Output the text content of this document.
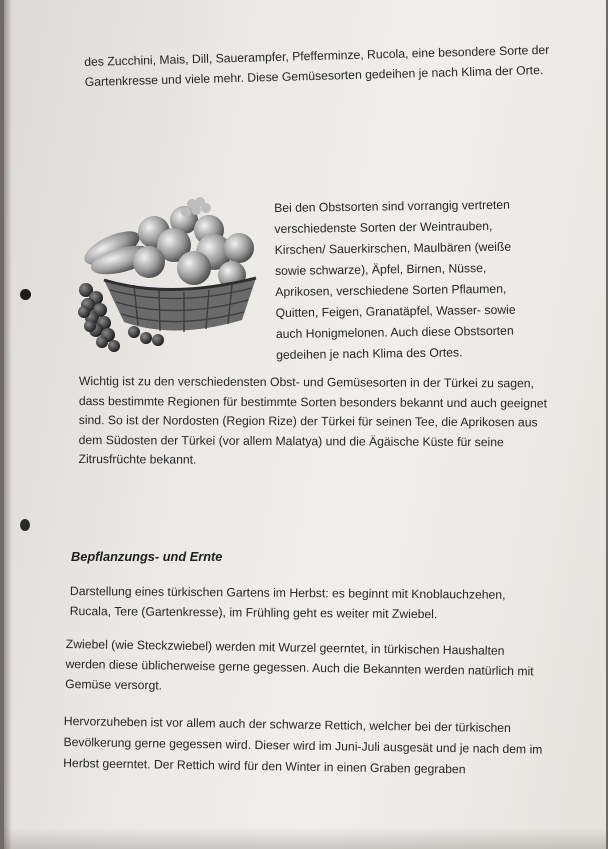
des Zucchini, Mais, Dill, Sauerampfer, Pfefferminze, Rucola, eine besondere Sorte der Gartenkresse und viele mehr. Diese Gemüsesorten gedeihen je nach Klima der Orte.

Bei den Obstsorten sind vorrangig vertreten verschiedenste Sorten der Weintrauben, Kirschen/ Sauerkirschen, Maulbären (weiße sowie schwarze), Äpfel, Birnen, Nüsse, Aprikosen, verschiedene Sorten Pflaumen, Quitten, Feigen, Granatäpfel, Wasser- sowie auch Honigmelonen. Auch diese Obstsorten gedeihen je nach Klima des Ortes.

Wichtig ist zu den verschiedensten Obst- und Gemüsesorten in der Türkei zu sagen, dass bestimmte Regionen für bestimmte Sorten besonders bekannt und auch geeignet sind. So ist der Nordosten (Region Rize) der Türkei für seinen Tee, die Aprikosen aus dem Südosten der Türkei (vor allem Malatya) und die Ägäische Küste für seine Zitrusfrüchte bekannt.

Bepflanzungs- und Ernte

Darstellung eines türkischen Gartens im Herbst: es beginnt mit Knoblauchzehen, Rucala, Tere (Gartenkresse), im Frühling geht es weiter mit Zwiebel.

Zwiebel (wie Steckzwiebel) werden mit Wurzel geerntet, in türkischen Haushalten werden diese üblicherweise gerne gegessen. Auch die Bekannten werden natürlich mit Gemüse versorgt.

Hervorzuheben ist vor allem auch der schwarze Rettich, welcher bei der türkischen Bevölkerung gerne gegessen wird. Dieser wird im Juni-Juli ausgesät und je nach dem im Herbst geerntet. Der Rettich wird für den Winter in einen Graben gegraben
